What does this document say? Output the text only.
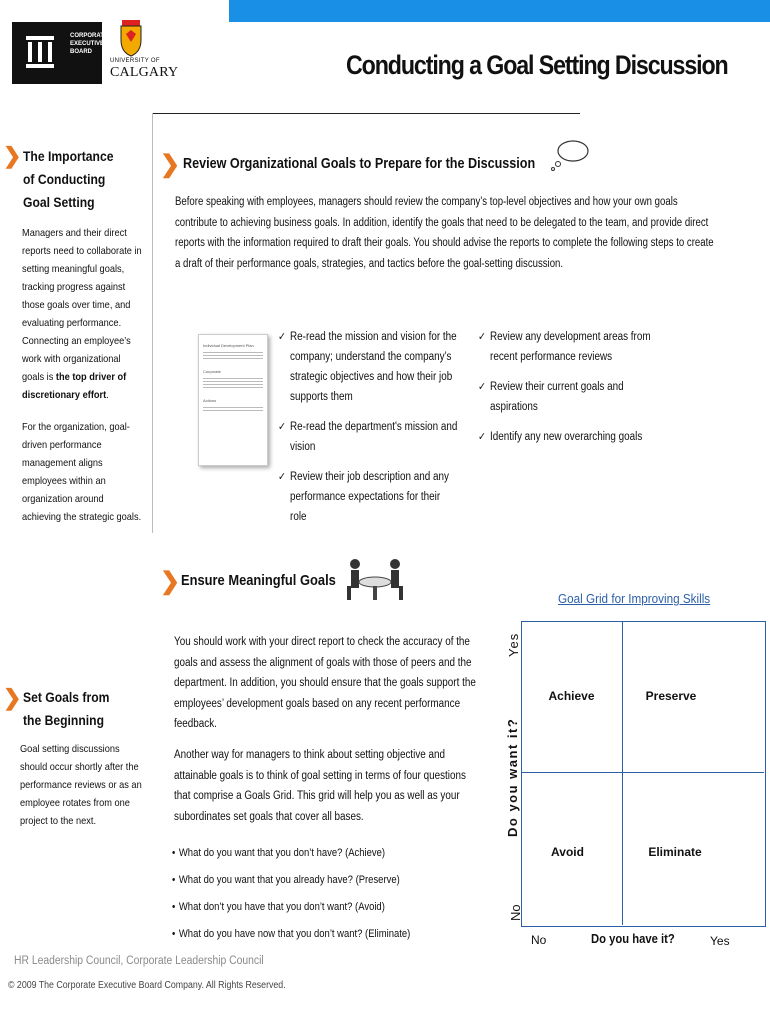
CORPORATE
EXECUTIVE
BOARD
TM
UNIVERSITY OF
CALGARY	Conducting a Goal Setting Discussion
❯ The Importance of Conducting Goal Setting
Managers and their direct reports need to collaborate in setting meaningful goals, tracking progress against those goals over time, and evaluating performance. Connecting an employee’s work with organizational goals is the top driver of discretionary effort.
For the organization, goal-driven performance management aligns employees within an organization around achieving the strategic goals.
❯ Set Goals from the Beginning
Goal setting discussions should occur shortly after the performance reviews or as an employee rotates from one project to the next.
❯ Review Organizational Goals to Prepare for the Discussion
Before speaking with employees, managers should review the company’s top-level objectives and how your own goals contribute to achieving business goals. In addition, identify the goals that need to be delegated to the team, and provide direct reports with the information required to draft their goals. You should advise the reports to complete the following steps to create a draft of their performance goals, strategies, and tactics before the goal-setting discussion.
Individual Development Plan
Corporate
Actions
✓ Re-read the mission and vision for the company; understand the company’s strategic objectives and how their job supports them
✓ Re-read the department's mission and vision
✓ Review their job description and any performance expectations for their role
✓ Review any development areas from recent performance reviews
✓ Review their current goals and aspirations
✓ Identify any new overarching goals
❯ Ensure Meaningful Goals
You should work with your direct report to check the accuracy of the goals and assess the alignment of goals with those of peers and the department. In addition, you should ensure that the goals support the employees’ development goals based on any recent performance feedback.
Another way for managers to think about setting objective and attainable goals is to think of goal setting in terms of four questions that comprise a Goals Grid. This grid will help you as well as your subordinates set goals that cover all bases.
• What do you want that you don’t have? (Achieve)
• What do you want that you already have? (Preserve)
• What don’t you have that you don’t want? (Avoid)
• What do you have now that you don’t want? (Eliminate)
Goal Grid for Improving Skills
Achieve	Preserve
Avoid	Eliminate
Yes
Do you want it?
No
No	Do you have it?	Yes
HR Leadership Council, Corporate Leadership Council
© 2009 The Corporate Executive Board Company. All Rights Reserved.
